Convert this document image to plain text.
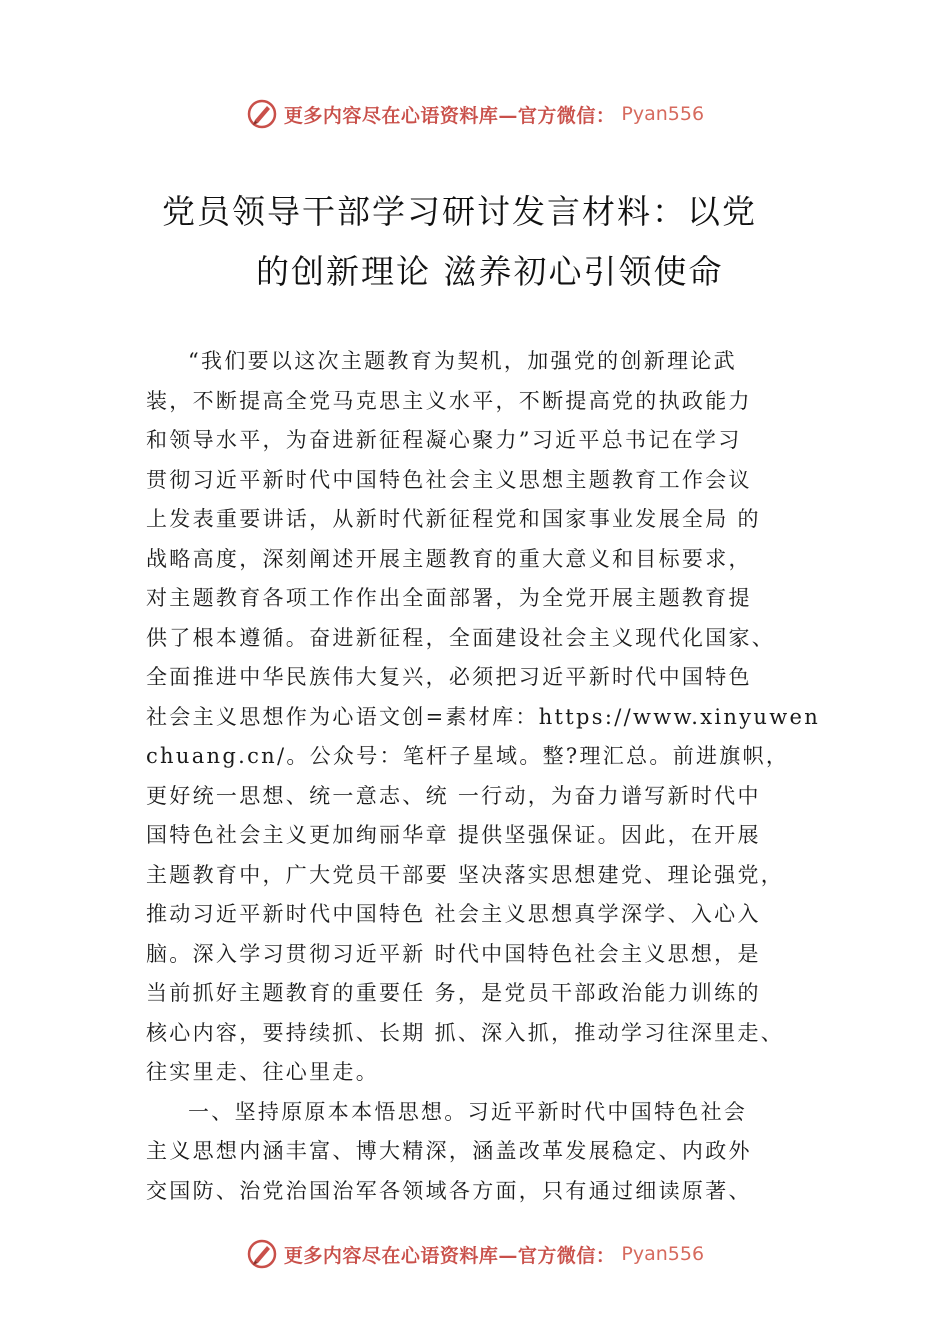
更多内容尽在心语资料库—官方微信： Pyan556
党员领导干部学习研讨发言材料：以党
的创新理论 滋养初心引领使命
“我们要以这次主题教育为契机，加强党的创新理论武
装，不断提高全党马克思主义水平，不断提高党的执政能力
和领导水平，为奋进新征程凝心聚力”习近平总书记在学习
贯彻习近平新时代中国特色社会主义思想主题教育工作会议
上发表重要讲话，从新时代新征程党和国家事业发展全局 的
战略高度，深刻阐述开展主题教育的重大意义和目标要求，
对主题教育各项工作作出全面部署，为全党开展主题教育提
供了根本遵循。奋进新征程，全面建设社会主义现代化国家、
全面推进中华民族伟大复兴，必须把习近平新时代中国特色
社会主义思想作为心语文创=素材库：https://www.xinyuwen
chuang.cn/。公众号：笔杆子星域。整?理汇总。前进旗帜，
更好统一思想、统一意志、统 一行动，为奋力谱写新时代中
国特色社会主义更加绚丽华章 提供坚强保证。因此，在开展
主题教育中，广大党员干部要 坚决落实思想建党、理论强党，
推动习近平新时代中国特色 社会主义思想真学深学、入心入
脑。深入学习贯彻习近平新 时代中国特色社会主义思想，是
当前抓好主题教育的重要任 务，是党员干部政治能力训练的
核心内容，要持续抓、长期 抓、深入抓，推动学习往深里走、
往实里走、往心里走。
一、坚持原原本本悟思想。习近平新时代中国特色社会
主义思想内涵丰富、博大精深，涵盖改革发展稳定、内政外
交国防、治党治国治军各领域各方面，只有通过细读原著、
更多内容尽在心语资料库—官方微信： Pyan556
